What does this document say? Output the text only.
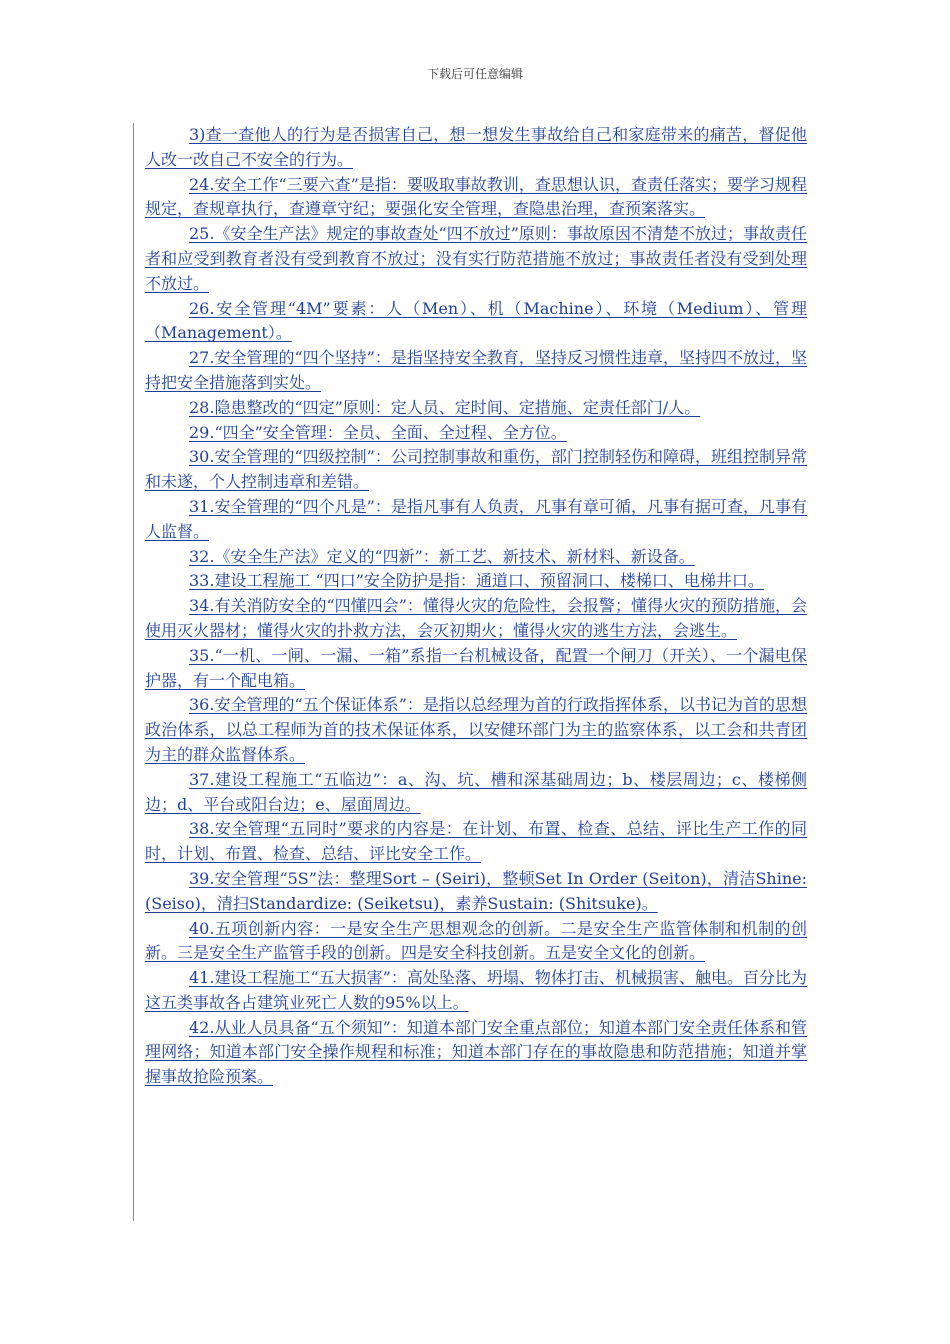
下载后可任意编辑

3)查一查他人的行为是否损害自己，想一想发生事故给自己和家庭带来的痛苦，督促他人改一改自己不安全的行为。

24.安全工作“三要六查”是指：要吸取事故教训，查思想认识，查责任落实；要学习规程规定，查规章执行，查遵章守纪；要强化安全管理，查隐患治理，查预案落实。

25.《安全生产法》规定的事故查处“四不放过”原则：事故原因不清楚不放过；事故责任者和应受到教育者没有受到教育不放过；没有实行防范措施不放过；事故责任者没有受到处理不放过。

26.安全管理“4M”要素：人（Men）、机（Machine）、环境（Medium）、管理（Management）。

27.安全管理的“四个坚持”：是指坚持安全教育，坚持反习惯性违章，坚持四不放过，坚持把安全措施落到实处。

28.隐患整改的“四定”原则：定人员、定时间、定措施、定责任部门/人。

29.“四全”安全管理：全员、全面、全过程、全方位。

30.安全管理的“四级控制”：公司控制事故和重伤，部门控制轻伤和障碍，班组控制异常和未遂，个人控制违章和差错。

31.安全管理的“四个凡是”：是指凡事有人负责，凡事有章可循，凡事有据可查，凡事有人监督。

32.《安全生产法》定义的“四新”：新工艺、新技术、新材料、新设备。

33.建设工程施工 “四口”安全防护是指：通道口、预留洞口、楼梯口、电梯井口。

34.有关消防安全的“四懂四会”：懂得火灾的危险性，会报警；懂得火灾的预防措施，会使用灭火器材；懂得火灾的扑救方法，会灭初期火；懂得火灾的逃生方法，会逃生。

35.“一机、一闸、一漏、一箱”系指一台机械设备，配置一个闸刀（开关）、一个漏电保护器，有一个配电箱。

36.安全管理的“五个保证体系”：是指以总经理为首的行政指挥体系，以书记为首的思想政治体系，以总工程师为首的技术保证体系，以安健环部门为主的监察体系，以工会和共青团为主的群众监督体系。

37.建设工程施工“五临边”：a、沟、坑、槽和深基础周边；b、楼层周边；c、楼梯侧边；d、平台或阳台边；e、屋面周边。

38.安全管理“五同时”要求的内容是：在计划、布置、检查、总结、评比生产工作的同时，计划、布置、检查、总结、评比安全工作。

39.安全管理“5S”法：整理Sort – (Seiri)，整顿Set In Order (Seiton)，清洁Shine: (Seiso)，清扫Standardize: (Seiketsu)，素养Sustain: (Shitsuke)。

40.五项创新内容：一是安全生产思想观念的创新。二是安全生产监管体制和机制的创新。三是安全生产监管手段的创新。四是安全科技创新。五是安全文化的创新。

41.建设工程施工“五大损害”：高处坠落、坍塌、物体打击、机械损害、触电。百分比为这五类事故各占建筑业死亡人数的95%以上。

42.从业人员具备“五个须知”：知道本部门安全重点部位；知道本部门安全责任体系和管理网络；知道本部门安全操作规程和标准；知道本部门存在的事故隐患和防范措施；知道并掌握事故抢险预案。
